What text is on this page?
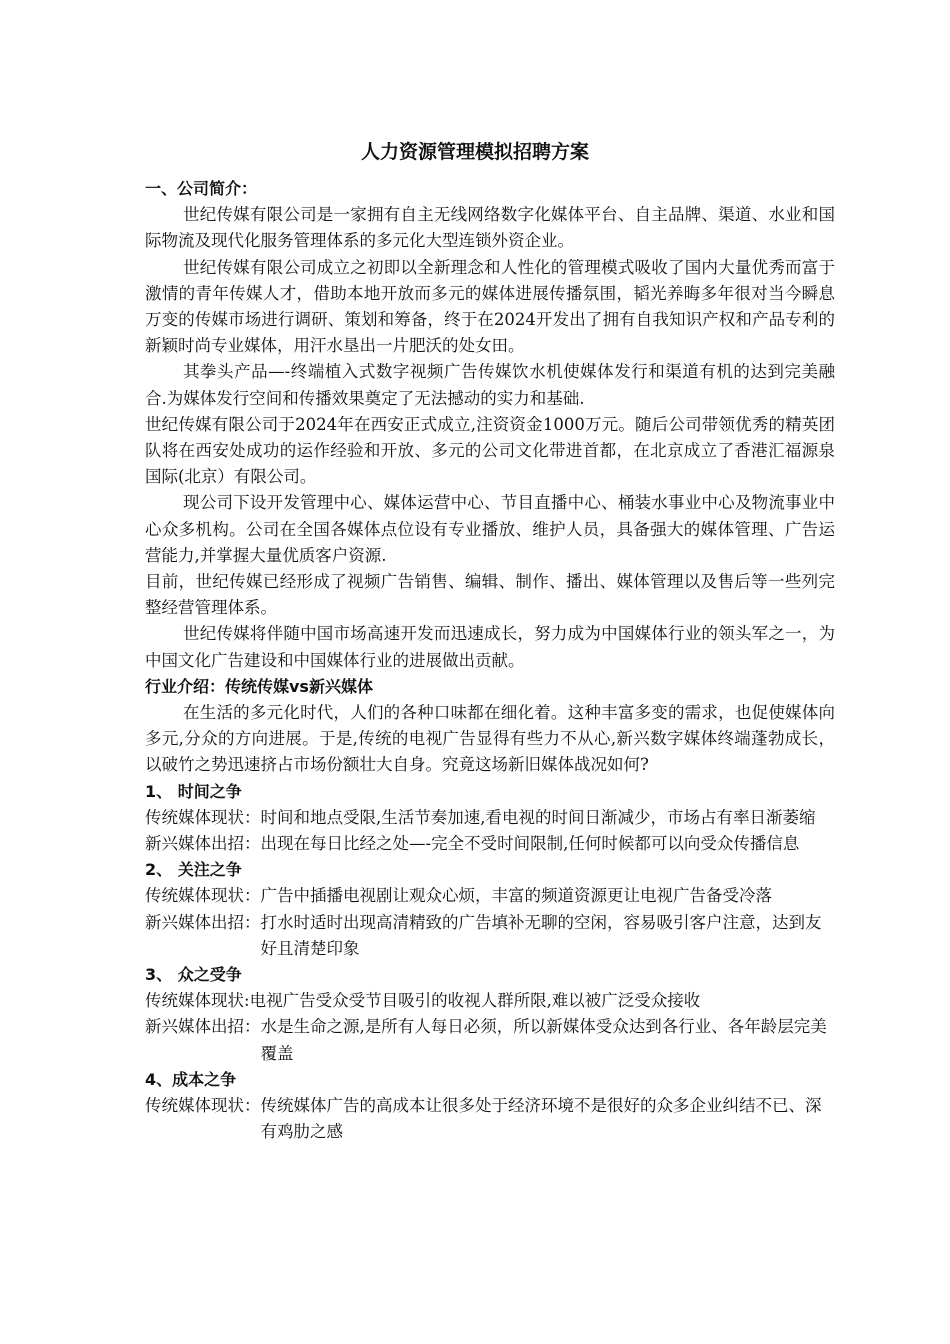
人力资源管理模拟招聘方案
一、公司简介：
世纪传媒有限公司是一家拥有自主无线网络数字化媒体平台、自主品牌、渠道、水业和国际物流及现代化服务管理体系的多元化大型连锁外资企业。
世纪传媒有限公司成立之初即以全新理念和人性化的管理模式吸收了国内大量优秀而富于激情的青年传媒人才，借助本地开放而多元的媒体进展传播氛围，韬光养晦多年很对当今瞬息万变的传媒市场进行调研、策划和筹备，终于在2024开发出了拥有自我知识产权和产品专利的新颖时尚专业媒体，用汗水垦出一片肥沃的处女田。
其拳头产品—-终端植入式数字视频广告传媒饮水机使媒体发行和渠道有机的达到完美融合.为媒体发行空间和传播效果奠定了无法撼动的实力和基础.
世纪传媒有限公司于2024年在西安正式成立,注资资金1000万元。随后公司带领优秀的精英团队将在西安处成功的运作经验和开放、多元的公司文化带进首都，在北京成立了香港汇福源泉国际(北京）有限公司。
现公司下设开发管理中心、媒体运营中心、节目直播中心、桶装水事业中心及物流事业中心众多机构。公司在全国各媒体点位设有专业播放、维护人员，具备强大的媒体管理、广告运营能力,并掌握大量优质客户资源.
目前，世纪传媒已经形成了视频广告销售、编辑、制作、播出、媒体管理以及售后等一些列完整经营管理体系。
世纪传媒将伴随中国市场高速开发而迅速成长，努力成为中国媒体行业的领头军之一，为中国文化广告建设和中国媒体行业的进展做出贡献。
行业介绍：传统传媒vs新兴媒体
在生活的多元化时代，人们的各种口味都在细化着。这种丰富多变的需求，也促使媒体向多元,分众的方向进展。于是,传统的电视广告显得有些力不从心,新兴数字媒体终端蓬勃成长，以破竹之势迅速挤占市场份额壮大自身。究竟这场新旧媒体战况如何?
1、 时间之争
传统媒体现状： 时间和地点受限,生活节奏加速,看电视的时间日渐减少，市场占有率日渐萎缩
新兴媒体出招： 出现在每日比经之处—-完全不受时间限制,任何时候都可以向受众传播信息
2、 关注之争
传统媒体现状： 广告中插播电视剧让观众心烦，丰富的频道资源更让电视广告备受冷落
新兴媒体出招： 打水时适时出现高清精致的广告填补无聊的空闲，容易吸引客户注意，达到友好且清楚印象
3、 众之受争
传统媒体现状: 电视广告受众受节目吸引的收视人群所限,难以被广泛受众接收
新兴媒体出招： 水是生命之源,是所有人每日必须，所以新媒体受众达到各行业、各年龄层完美覆盖
4、成本之争
传统媒体现状： 传统媒体广告的高成本让很多处于经济环境不是很好的众多企业纠结不已、深有鸡肋之感
